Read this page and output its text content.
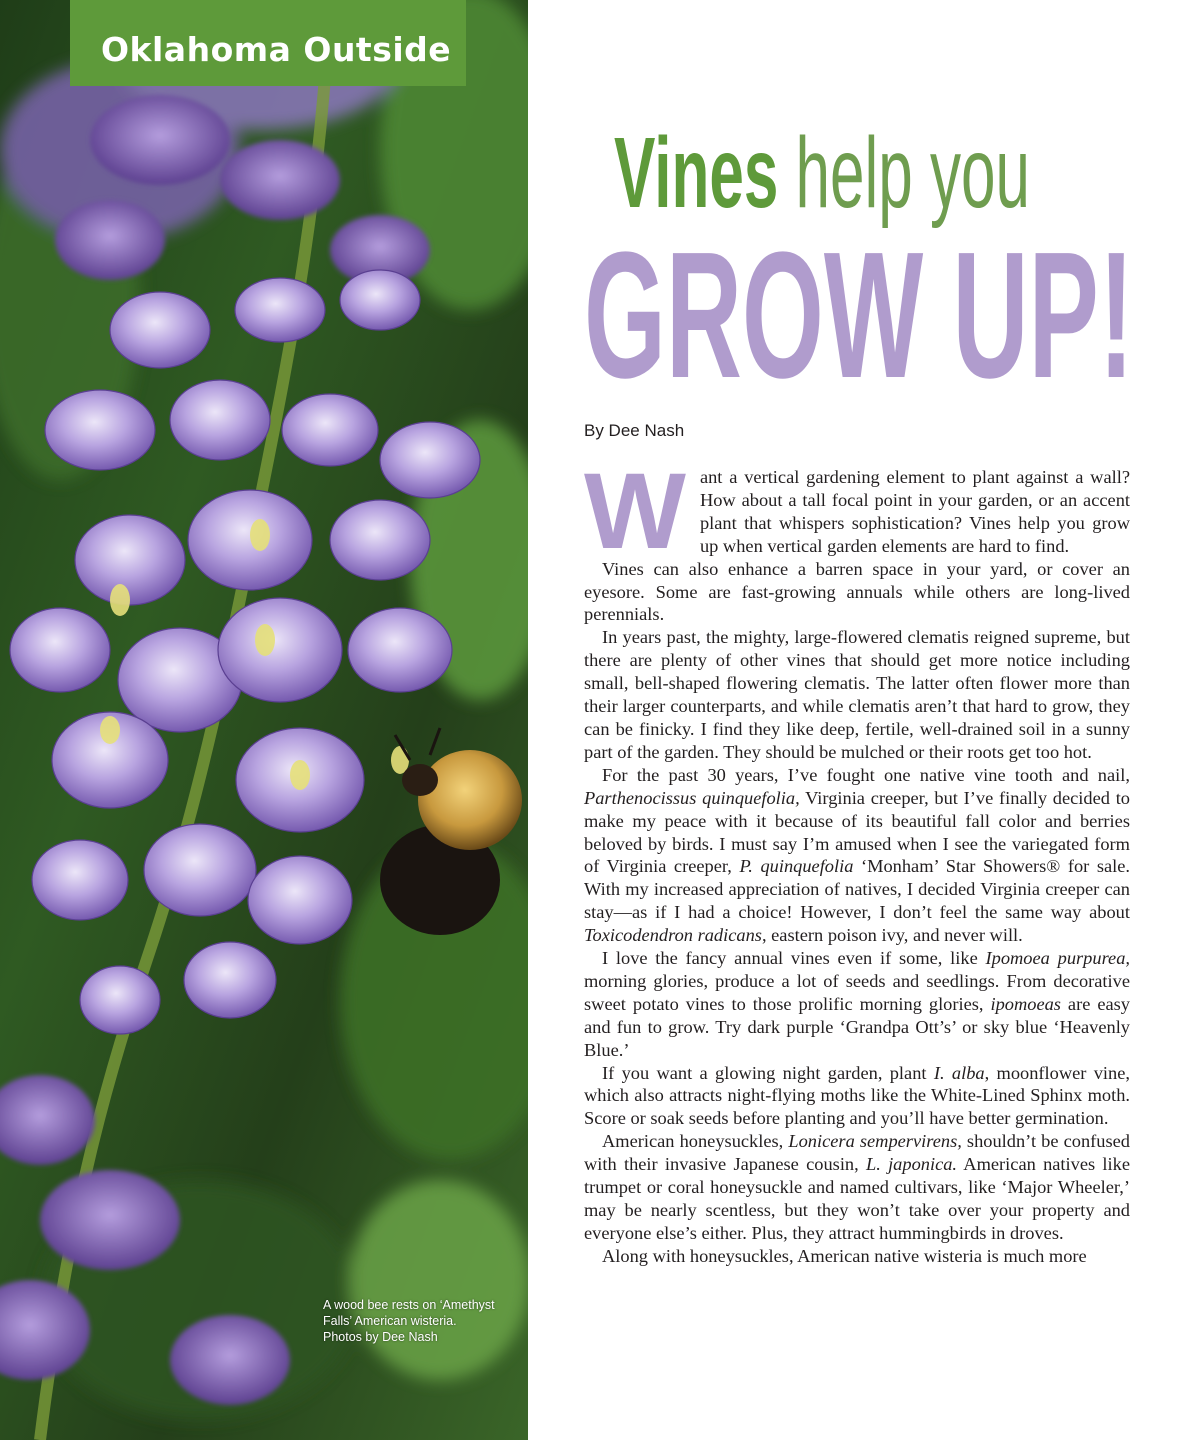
Oklahoma Outside
A wood bee rests on ‘Amethyst Falls’ American wisteria.
Photos by Dee Nash
Vines help you
GROW UP!
By Dee Nash

Want a vertical gardening element to plant against a wall? How about a tall focal point in your garden, or an accent plant that whispers sophistication? Vines help you grow up when vertical garden elements are hard to find.

Vines can also enhance a barren space in your yard, or cover an eyesore. Some are fast-growing annuals while others are long-lived perennials.

In years past, the mighty, large-flowered clematis reigned supreme, but there are plenty of other vines that should get more notice including small, bell-shaped flowering clematis. The latter often flower more than their larger counterparts, and while clematis aren’t that hard to grow, they can be finicky. I find they like deep, fertile, well-drained soil in a sunny part of the garden. They should be mulched or their roots get too hot.

For the past 30 years, I’ve fought one native vine tooth and nail, Parthenocissus quinquefolia, Virginia creeper, but I’ve finally decided to make my peace with it because of its beautiful fall color and berries beloved by birds. I must say I’m amused when I see the variegated form of Virginia creeper, P. quinquefolia ‘Monham’ Star Showers® for sale. With my increased appreciation of natives, I decided Virginia creeper can stay—as if I had a choice! However, I don’t feel the same way about Toxicodendron radicans, eastern poison ivy, and never will.

I love the fancy annual vines even if some, like Ipomoea purpurea, morning glories, produce a lot of seeds and seedlings. From decorative sweet potato vines to those prolific morning glories, ipomoeas are easy and fun to grow. Try dark purple ‘Grandpa Ott’s’ or sky blue ‘Heavenly Blue.’

If you want a glowing night garden, plant I. alba, moonflower vine, which also attracts night-flying moths like the White-Lined Sphinx moth. Score or soak seeds before planting and you’ll have better germination.

American honeysuckles, Lonicera sempervirens, shouldn’t be confused with their invasive Japanese cousin, L. japonica. American natives like trumpet or coral honeysuckle and named cultivars, like ‘Major Wheeler,’ may be nearly scentless, but they won’t take over your property and everyone else’s either. Plus, they attract hummingbirds in droves.

Along with honeysuckles, American native wisteria is much more
